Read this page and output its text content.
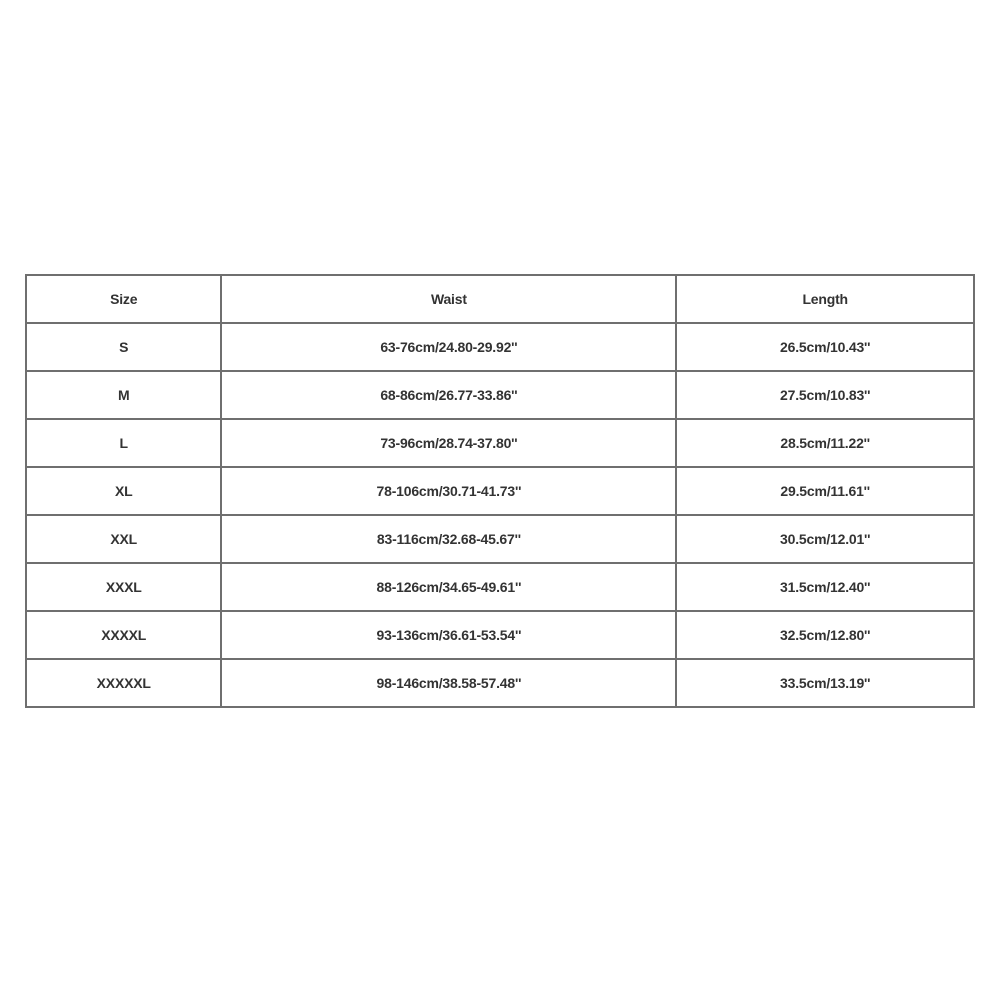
Size	Waist	Length
S	63-76cm/24.80-29.92''	26.5cm/10.43''
M	68-86cm/26.77-33.86''	27.5cm/10.83''
L	73-96cm/28.74-37.80''	28.5cm/11.22''
XL	78-106cm/30.71-41.73''	29.5cm/11.61''
XXL	83-116cm/32.68-45.67''	30.5cm/12.01''
XXXL	88-126cm/34.65-49.61''	31.5cm/12.40''
XXXXL	93-136cm/36.61-53.54''	32.5cm/12.80''
XXXXXL	98-146cm/38.58-57.48''	33.5cm/13.19''
